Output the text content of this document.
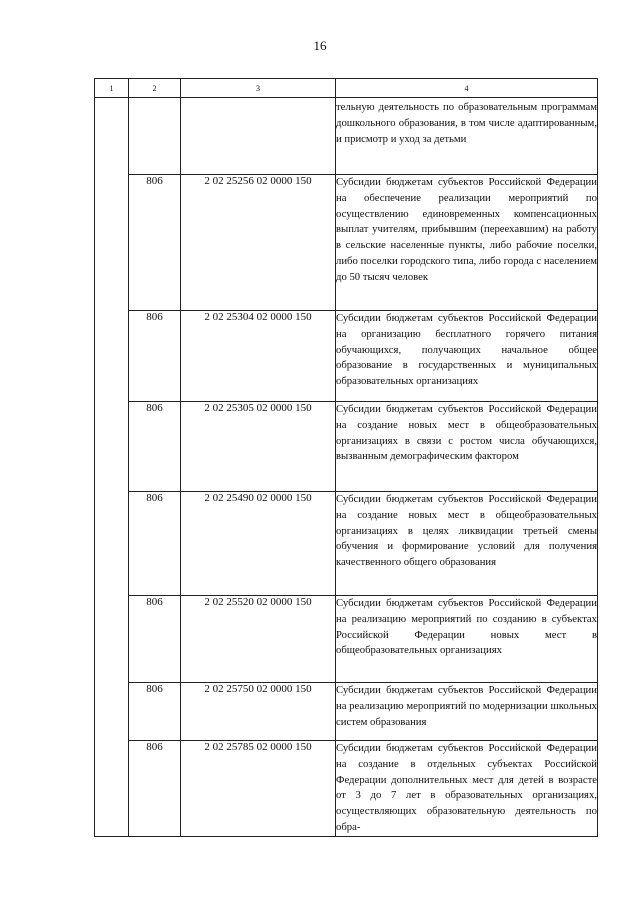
16
1	2	3	4
			тельную деятельность по образовательным программам дошкольного образования, в том числе адаптированным, и присмотр и уход за детьми
	806	2 02 25256 02 0000 150	Субсидии бюджетам субъектов Российской Федерации на обеспечение реализации мероприятий по осуществлению единовременных компенсационных выплат учителям, прибывшим (переехавшим) на работу в сельские населенные пункты, либо рабочие поселки, либо поселки городского типа, либо города с населением до 50 тысяч человек
	806	2 02 25304 02 0000 150	Субсидии бюджетам субъектов Российской Федерации на организацию бесплатного горячего питания обучающихся, получающих начальное общее образование в государственных и муниципальных образовательных организациях
	806	2 02 25305 02 0000 150	Субсидии бюджетам субъектов Российской Федерации на создание новых мест в общеобразовательных организациях в связи с ростом числа обучающихся, вызванным демографическим фактором
	806	2 02 25490 02 0000 150	Субсидии бюджетам субъектов Российской Федерации на создание новых мест в общеобразовательных организациях в целях ликвидации третьей смены обучения и формирование условий для получения качественного общего образования
	806	2 02 25520 02 0000 150	Субсидии бюджетам субъектов Российской Федерации на реализацию мероприятий по созданию в субъектах Российской Федерации новых мест в общеобразовательных организациях
	806	2 02 25750 02 0000 150	Субсидии бюджетам субъектов Российской Федерации на реализацию мероприятий по модернизации школьных систем образования
	806	2 02 25785 02 0000 150	Субсидии бюджетам субъектов Российской Федерации на создание в отдельных субъектах Российской Федерации дополнительных мест для детей в возрасте от 3 до 7 лет в образовательных организациях, осуществляющих образовательную деятельность по обра-
